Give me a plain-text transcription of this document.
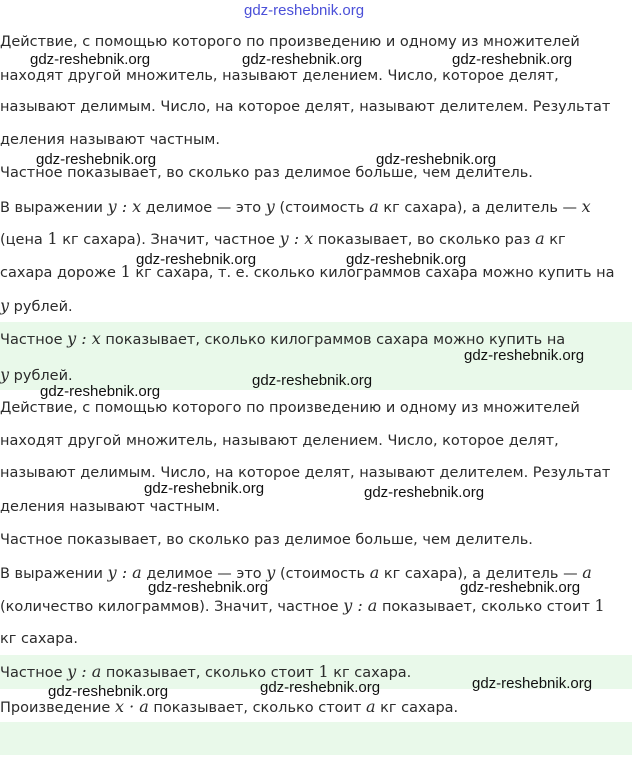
gdz-reshebnik.org
Действие, с помощью которого по произведению и одному из множителей
находят другой множитель, называют делением. Число, которое делят,
называют делимым. Число, на которое делят, называют делителем. Результат
деления называют частным.
Частное показывает, во сколько раз делимое больше, чем делитель.
В выражении y : x делимое — это y (стоимость a кг сахара), а делитель — x
(цена 1 кг сахара). Значит, частное y : x показывает, во сколько раз a кг
сахара дороже 1 кг сахара, т. е. сколько килограммов сахара можно купить на
y рублей.
Частное y : x показывает, сколько килограммов сахара можно купить на
y рублей.
Действие, с помощью которого по произведению и одному из множителей
находят другой множитель, называют делением. Число, которое делят,
называют делимым. Число, на которое делят, называют делителем. Результат
деления называют частным.
Частное показывает, во сколько раз делимое больше, чем делитель.
В выражении y : a делимое — это y (стоимость a кг сахара), а делитель — a
(количество килограммов). Значит, частное y : a показывает, сколько стоит 1
кг сахара.
Частное y : a показывает, сколько стоит 1 кг сахара.
Произведение x · a показывает, сколько стоит a кг сахара.
gdz-reshebnik.org	gdz-reshebnik.org	gdz-reshebnik.org
gdz-reshebnik.org	gdz-reshebnik.org
gdz-reshebnik.org	gdz-reshebnik.org
gdz-reshebnik.org
gdz-reshebnik.org
gdz-reshebnik.org
gdz-reshebnik.org	gdz-reshebnik.org
gdz-reshebnik.org	gdz-reshebnik.org
gdz-reshebnik.org	gdz-reshebnik.org	gdz-reshebnik.org
